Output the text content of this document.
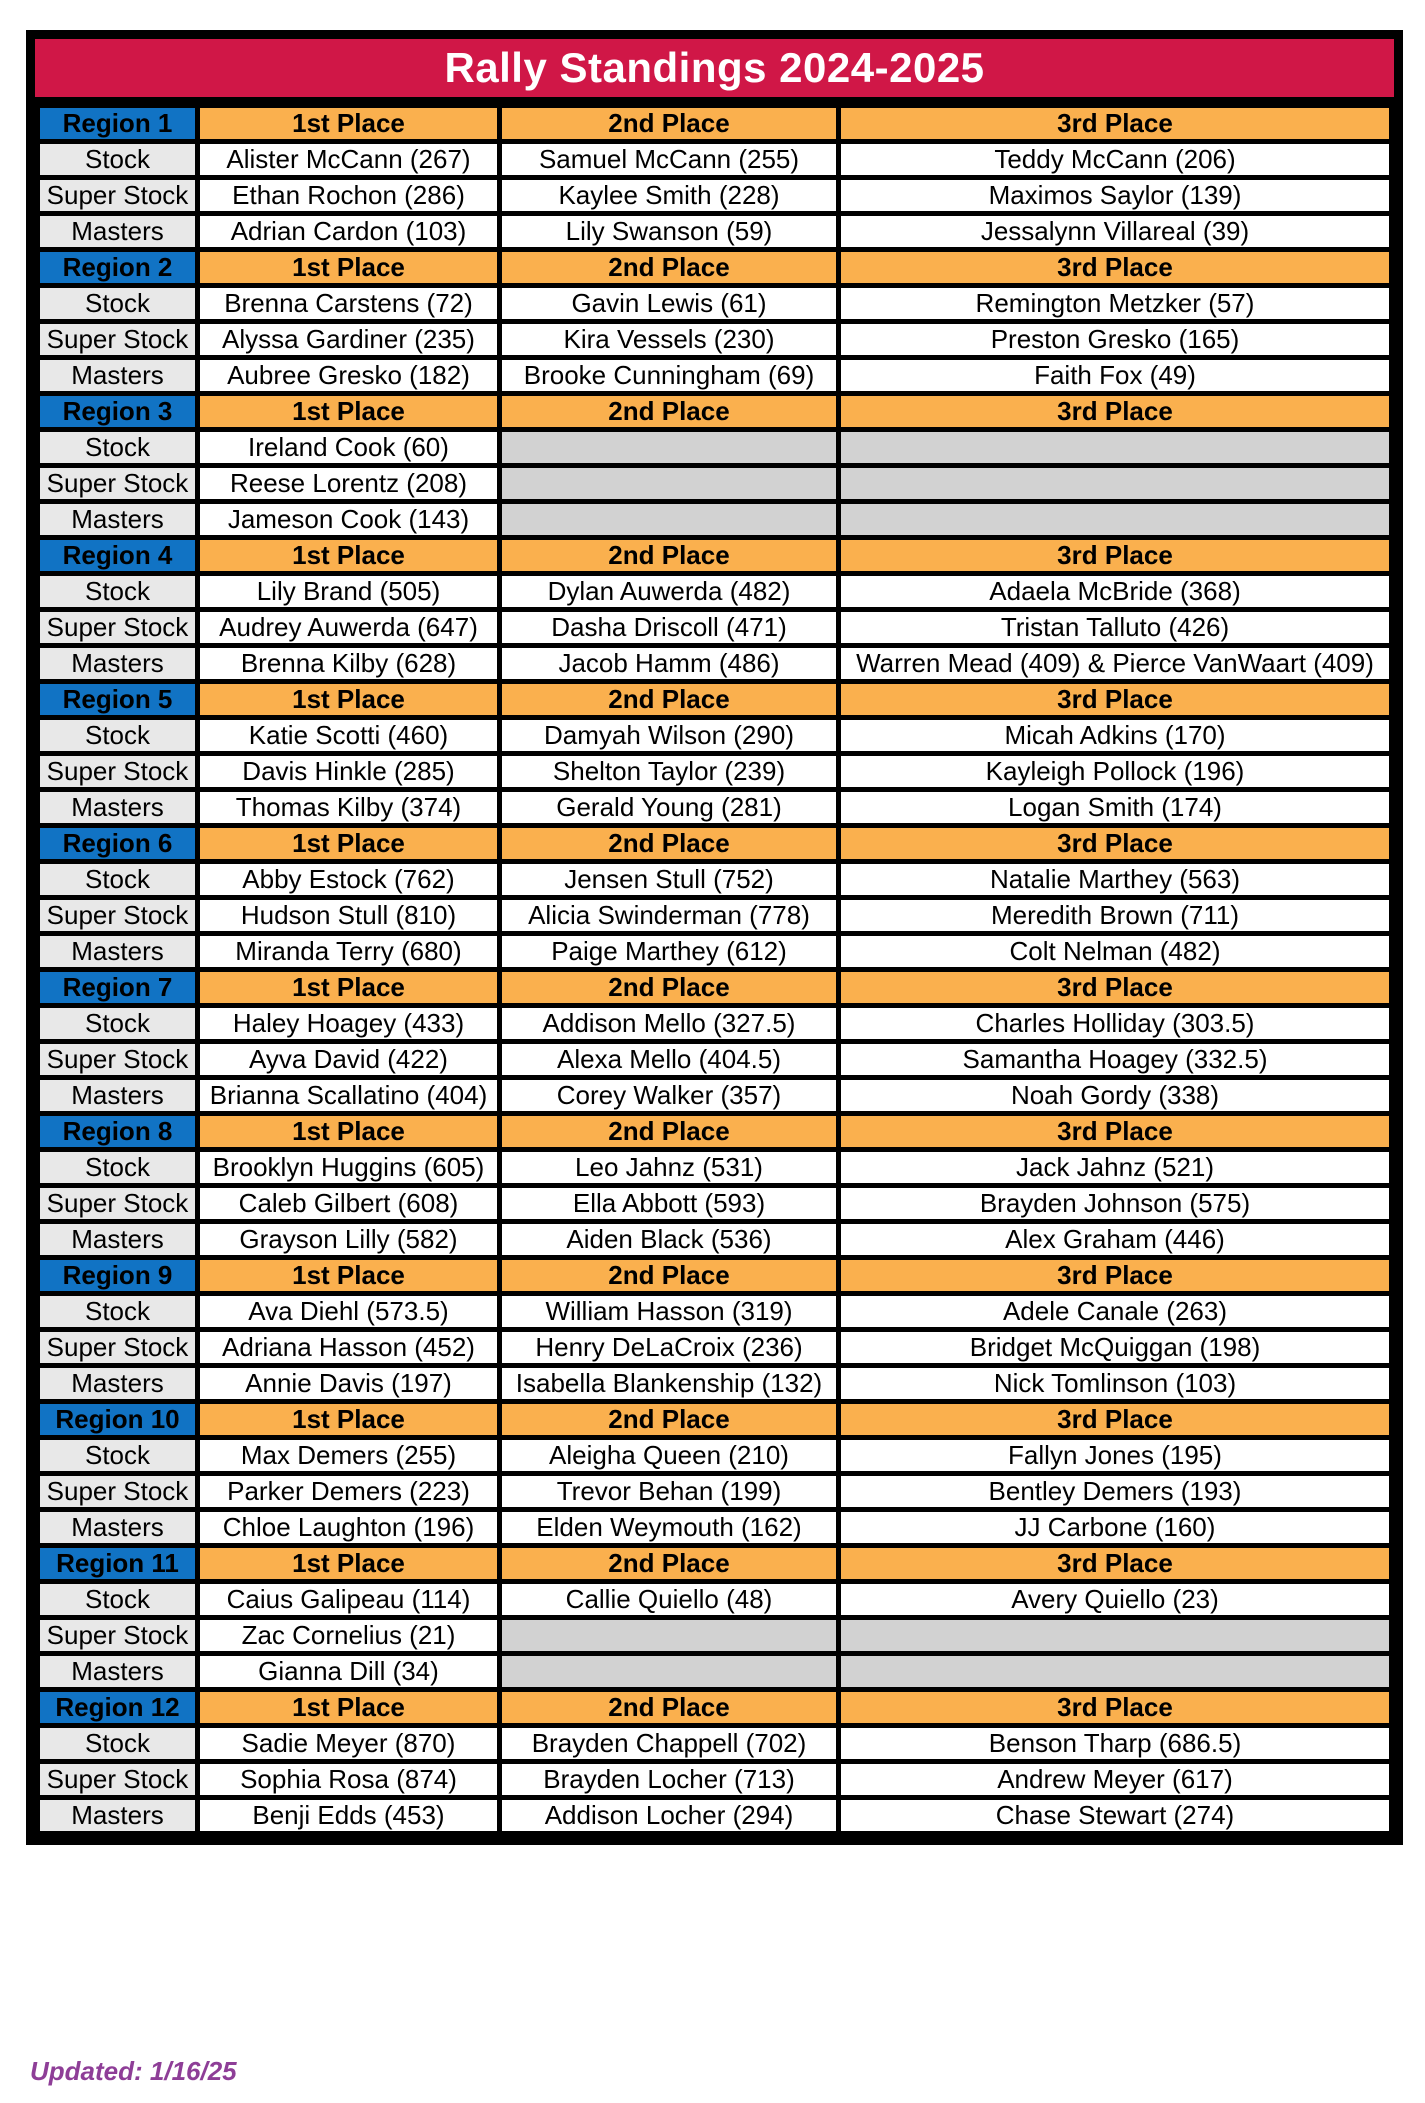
Rally Standings 2024-2025
Region 1	1st Place	2nd Place	3rd Place
Stock	Alister McCann (267)	Samuel McCann (255)	Teddy McCann (206)
Super Stock	Ethan Rochon (286)	Kaylee Smith (228)	Maximos Saylor (139)
Masters	Adrian Cardon (103)	Lily Swanson (59)	Jessalynn Villareal (39)
Region 2	1st Place	2nd Place	3rd Place
Stock	Brenna Carstens (72)	Gavin Lewis (61)	Remington Metzker (57)
Super Stock	Alyssa Gardiner (235)	Kira Vessels (230)	Preston Gresko (165)
Masters	Aubree Gresko (182)	Brooke Cunningham (69)	Faith Fox (49)
Region 3	1st Place	2nd Place	3rd Place
Stock	Ireland Cook (60)		
Super Stock	Reese Lorentz (208)		
Masters	Jameson Cook (143)		
Region 4	1st Place	2nd Place	3rd Place
Stock	Lily Brand (505)	Dylan Auwerda (482)	Adaela McBride (368)
Super Stock	Audrey Auwerda (647)	Dasha Driscoll (471)	Tristan Talluto (426)
Masters	Brenna Kilby (628)	Jacob Hamm (486)	Warren Mead (409) & Pierce VanWaart (409)
Region 5	1st Place	2nd Place	3rd Place
Stock	Katie Scotti (460)	Damyah Wilson (290)	Micah Adkins (170)
Super Stock	Davis Hinkle (285)	Shelton Taylor (239)	Kayleigh Pollock (196)
Masters	Thomas Kilby (374)	Gerald Young (281)	Logan Smith (174)
Region 6	1st Place	2nd Place	3rd Place
Stock	Abby Estock (762)	Jensen Stull (752)	Natalie Marthey (563)
Super Stock	Hudson Stull (810)	Alicia Swinderman (778)	Meredith Brown (711)
Masters	Miranda Terry (680)	Paige Marthey (612)	Colt Nelman (482)
Region 7	1st Place	2nd Place	3rd Place
Stock	Haley Hoagey (433)	Addison Mello (327.5)	Charles Holliday (303.5)
Super Stock	Ayva David (422)	Alexa Mello (404.5)	Samantha Hoagey (332.5)
Masters	Brianna Scallatino (404)	Corey Walker (357)	Noah Gordy (338)
Region 8	1st Place	2nd Place	3rd Place
Stock	Brooklyn Huggins (605)	Leo Jahnz (531)	Jack Jahnz (521)
Super Stock	Caleb Gilbert (608)	Ella Abbott (593)	Brayden Johnson (575)
Masters	Grayson Lilly (582)	Aiden Black (536)	Alex Graham (446)
Region 9	1st Place	2nd Place	3rd Place
Stock	Ava Diehl (573.5)	William Hasson (319)	Adele Canale (263)
Super Stock	Adriana Hasson (452)	Henry DeLaCroix (236)	Bridget McQuiggan (198)
Masters	Annie Davis (197)	Isabella Blankenship (132)	Nick Tomlinson (103)
Region 10	1st Place	2nd Place	3rd Place
Stock	Max Demers (255)	Aleigha Queen (210)	Fallyn Jones (195)
Super Stock	Parker Demers (223)	Trevor Behan (199)	Bentley Demers (193)
Masters	Chloe Laughton (196)	Elden Weymouth (162)	JJ Carbone (160)
Region 11	1st Place	2nd Place	3rd Place
Stock	Caius Galipeau (114)	Callie Quiello (48)	Avery Quiello (23)
Super Stock	Zac Cornelius (21)		
Masters	Gianna Dill (34)		
Region 12	1st Place	2nd Place	3rd Place
Stock	Sadie Meyer (870)	Brayden Chappell (702)	Benson Tharp (686.5)
Super Stock	Sophia Rosa (874)	Brayden Locher (713)	Andrew Meyer (617)
Masters	Benji Edds (453)	Addison Locher (294)	Chase Stewart (274)
Updated: 1/16/25
